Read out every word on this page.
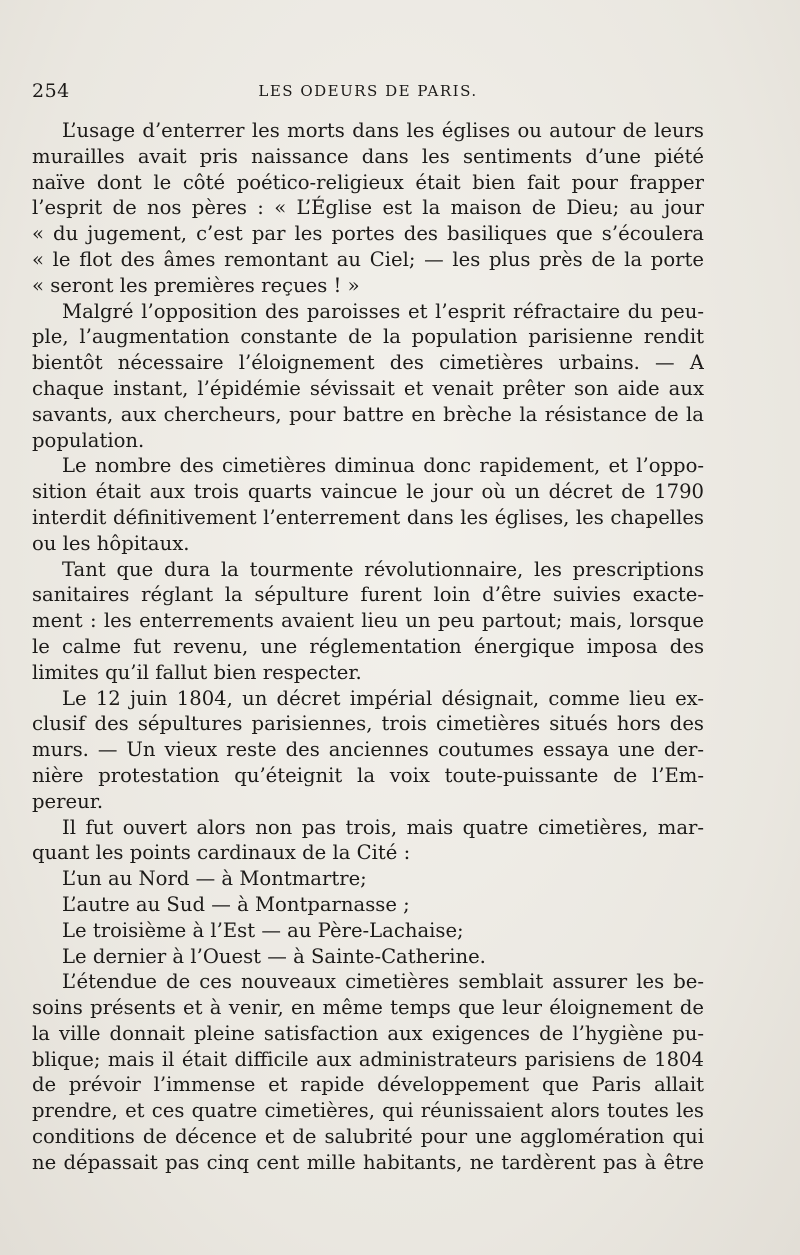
254	LES ODEURS DE PARIS.
L’usage d’enterrer les morts dans les églises ou autour de leurs
murailles avait pris naissance dans les sentiments d’une piété
naïve dont le côté poético-religieux était bien fait pour frapper
l’esprit de nos pères : « L’Église est la maison de Dieu; au jour
« du jugement, c’est par les portes des basiliques que s’écoulera
« le flot des âmes remontant au Ciel; — les plus près de la porte
« seront les premières reçues ! »
Malgré l’opposition des paroisses et l’esprit réfractaire du peu-
ple, l’augmentation constante de la population parisienne rendit
bientôt nécessaire l’éloignement des cimetières urbains. — A
chaque instant, l’épidémie sévissait et venait prêter son aide aux
savants, aux chercheurs, pour battre en brèche la résistance de la
population.
Le nombre des cimetières diminua donc rapidement, et l’oppo-
sition était aux trois quarts vaincue le jour où un décret de 1790
interdit définitivement l’enterrement dans les églises, les chapelles
ou les hôpitaux.
Tant que dura la tourmente révolutionnaire, les prescriptions
sanitaires réglant la sépulture furent loin d’être suivies exacte-
ment : les enterrements avaient lieu un peu partout; mais, lorsque
le calme fut revenu, une réglementation énergique imposa des
limites qu’il fallut bien respecter.
Le 12 juin 1804, un décret impérial désignait, comme lieu ex-
clusif des sépultures parisiennes, trois cimetières situés hors des
murs. — Un vieux reste des anciennes coutumes essaya une der-
nière protestation qu’éteignit la voix toute-puissante de l’Em-
pereur.
Il fut ouvert alors non pas trois, mais quatre cimetières, mar-
quant les points cardinaux de la Cité :
L’un au Nord — à Montmartre;
L’autre au Sud — à Montparnasse ;
Le troisième à l’Est — au Père-Lachaise;
Le dernier à l’Ouest — à Sainte-Catherine.
L’étendue de ces nouveaux cimetières semblait assurer les be-
soins présents et à venir, en même temps que leur éloignement de
la ville donnait pleine satisfaction aux exigences de l’hygiène pu-
blique; mais il était difficile aux administrateurs parisiens de 1804
de prévoir l’immense et rapide développement que Paris allait
prendre, et ces quatre cimetières, qui réunissaient alors toutes les
conditions de décence et de salubrité pour une agglomération qui
ne dépassait pas cinq cent mille habitants, ne tardèrent pas à être
